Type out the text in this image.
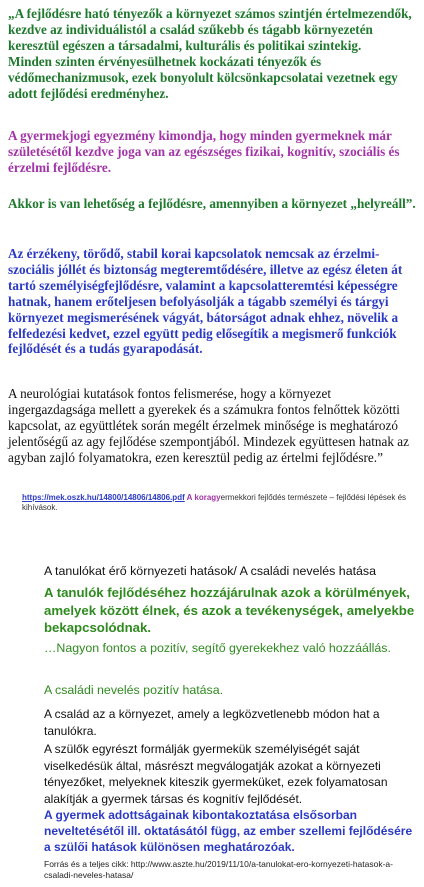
„A fejlődésre ható tényezők a környezet számos szintjén értelmezendők,
kezdve az individuálistól a család szűkebb és tágabb környezetén keresztül egészen a társadalmi, kulturális és politikai szintekig.
Minden szinten érvényesülhetnek kockázati tényezők és védőmechanizmusok, ezek bonyolult kölcsönkapcsolatai vezetnek egy adott fejlődési eredményhez.

A gyermekjogi egyezmény kimondja, hogy minden gyermeknek már születésétől kezdve joga van az egészséges fizikai, kognitív, szociális és érzelmi fejlődésre.

Akkor is van lehetőség a fejlődésre, amennyiben a környezet „helyreáll”.

Az érzékeny, törődő, stabil korai kapcsolatok nemcsak az érzelmi-szociális jóllét és biztonság megteremtődésére, illetve az egész életen át tartó személyiségfejlődésre, valamint a kapcsolatteremtési képességre hatnak, hanem erőteljesen befolyásolják a tágabb személyi és tárgyi környezet megismerésének vágyát, bátorságot adnak ehhez, növelik a felfedezési kedvet, ezzel együtt pedig elősegítik a megismerő funkciók fejlődését és a tudás gyarapodását.

A neurológiai kutatások fontos felismerése, hogy a környezet ingergazdagsága mellett a gyerekek és a számukra fontos felnőttek közötti kapcsolat, az együttlétek során megélt érzelmek minősége is meghatározó jelentőségű az agy fejlődése szempontjából. Mindezek együttesen hatnak az agyban zajló folyamatokra, ezen keresztül pedig az értelmi fejlődésre.”

https://mek.oszk.hu/14800/14806/14806.pdf A koragyermekkori fejlődés természete – fejlődési lépések és kihívások.
A tanulókat érő környezeti hatások/ A családi nevelés hatása

A tanulók fejlődéséhez hozzájárulnak azok a körülmények, amelyek között élnek, és azok a tevékenységek, amelyekbe bekapcsolódnak.

…Nagyon fontos a pozitív, segítő gyerekekhez való hozzáállás.

A családi nevelés pozitív hatása.

A család az a környezet, amely a legközvetlenebb módon hat a tanulókra.

A szülők egyrészt formálják gyermekük személyiségét saját viselkedésük által, másrészt megválogatják azokat a környezeti tényezőket, melyeknek kiteszik gyermeküket, ezek folyamatosan alakítják a gyermek társas és kognitív fejlődését.

A gyermek adottságainak kibontakoztatása elsősorban neveltetésétől ill. oktatásától függ, az ember szellemi fejlődésére a szülői hatások különösen meghatározóak.

Forrás és a teljes cikk: http://www.aszte.hu/2019/11/10/a-tanulokat-ero-kornyezeti-hatasok-a-csaladi-neveles-hatasa/
